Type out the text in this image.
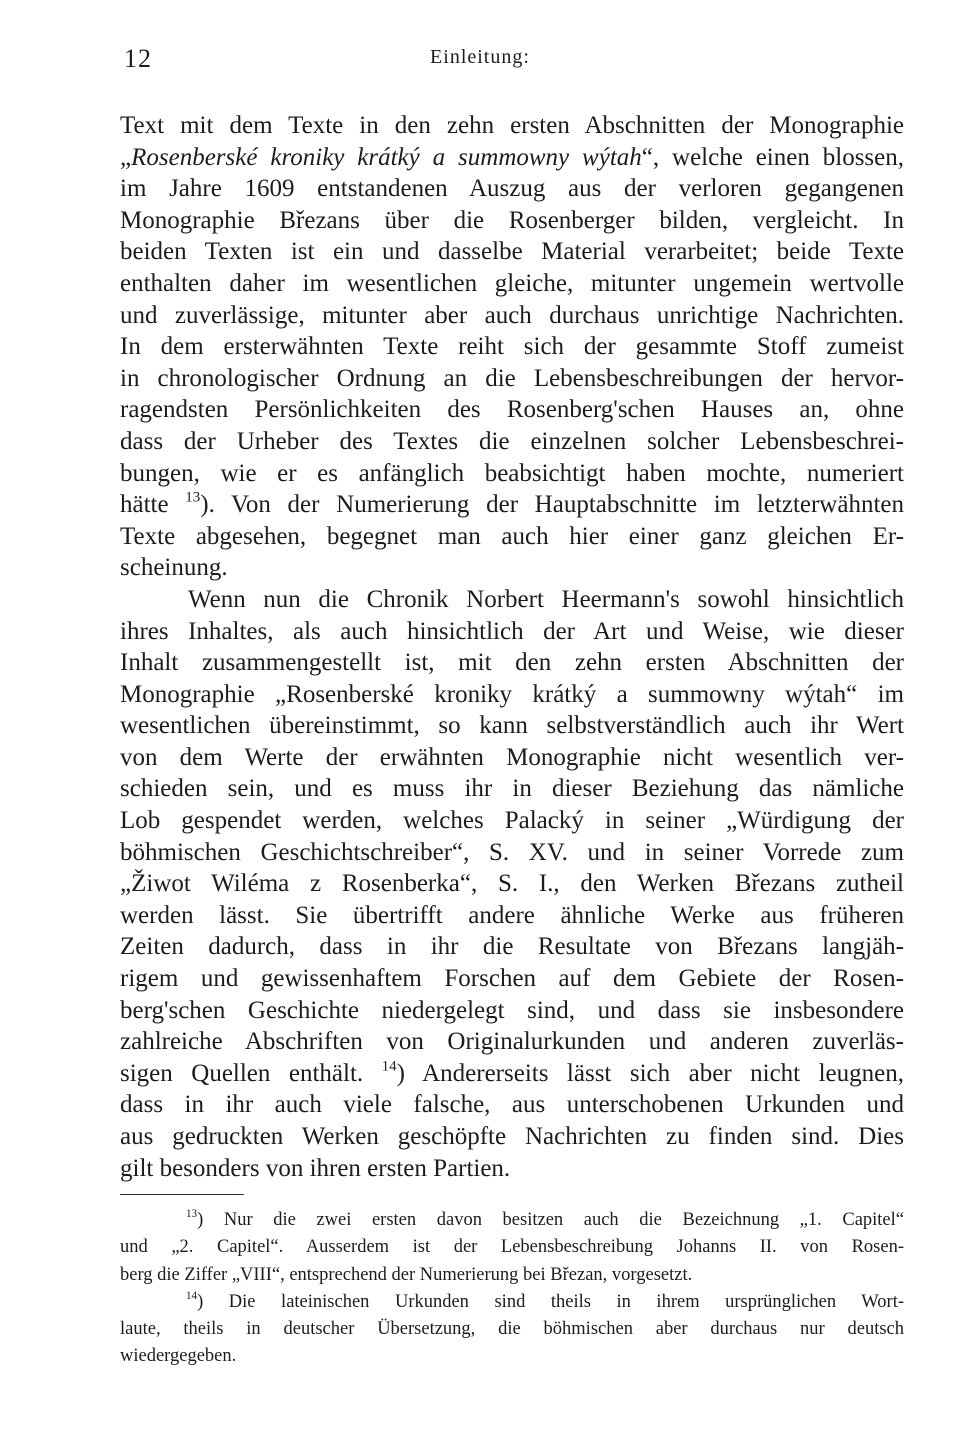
12	Einleitung:
Text mit dem Texte in den zehn ersten Abschnitten der Monographie
„Rosenberské kroniky krátký a summowny wýtah“, welche einen blossen,
im Jahre 1609 entstandenen Auszug aus der verloren gegangenen
Monographie Březans über die Rosenberger bilden, vergleicht. In
beiden Texten ist ein und dasselbe Material verarbeitet; beide Texte
enthalten daher im wesentlichen gleiche, mitunter ungemein wertvolle
und zuverlässige, mitunter aber auch durchaus unrichtige Nachrichten.
In dem ersterwähnten Texte reiht sich der gesammte Stoff zumeist
in chronologischer Ordnung an die Lebensbeschreibungen der hervor-
ragendsten Persönlichkeiten des Rosenberg'schen Hauses an, ohne
dass der Urheber des Textes die einzelnen solcher Lebensbeschrei-
bungen, wie er es anfänglich beabsichtigt haben mochte, numeriert
hätte $^{13}$). Von der Numerierung der Hauptabschnitte im letzterwähnten
Texte abgesehen, begegnet man auch hier einer ganz gleichen Er-
scheinung.
Wenn nun die Chronik Norbert Heermann's sowohl hinsichtlich
ihres Inhaltes, als auch hinsichtlich der Art und Weise, wie dieser
Inhalt zusammengestellt ist, mit den zehn ersten Abschnitten der
Monographie „Rosenberské kroniky krátký a summowny wýtah“ im
wesentlichen übereinstimmt, so kann selbstverständlich auch ihr Wert
von dem Werte der erwähnten Monographie nicht wesentlich ver-
schieden sein, und es muss ihr in dieser Beziehung das nämliche
Lob gespendet werden, welches Palacký in seiner „Würdigung der
böhmischen Geschichtschreiber“, S. XV. und in seiner Vorrede zum
„Žiwot Wiléma z Rosenberka“, S. I., den Werken Březans zutheil
werden lässt. Sie übertrifft andere ähnliche Werke aus früheren
Zeiten dadurch, dass in ihr die Resultate von Březans langjäh-
rigem und gewissenhaftem Forschen auf dem Gebiete der Rosen-
berg'schen Geschichte niedergelegt sind, und dass sie insbesondere
zahlreiche Abschriften von Originalurkunden und anderen zuverläs-
sigen Quellen enthält. $^{14}$) Andererseits lässt sich aber nicht leugnen,
dass in ihr auch viele falsche, aus unterschobenen Urkunden und
aus gedruckten Werken geschöpfte Nachrichten zu finden sind. Dies
gilt besonders von ihren ersten Partien.
$^{13}$) Nur die zwei ersten davon besitzen auch die Bezeichnung „1. Capitel“
und „2. Capitel“. Ausserdem ist der Lebensbeschreibung Johanns II. von Rosen-
berg die Ziffer „VIII“, entsprechend der Numerierung bei Březan, vorgesetzt.
$^{14}$) Die lateinischen Urkunden sind theils in ihrem ursprünglichen Wort-
laute, theils in deutscher Übersetzung, die böhmischen aber durchaus nur deutsch
wiedergegeben.
